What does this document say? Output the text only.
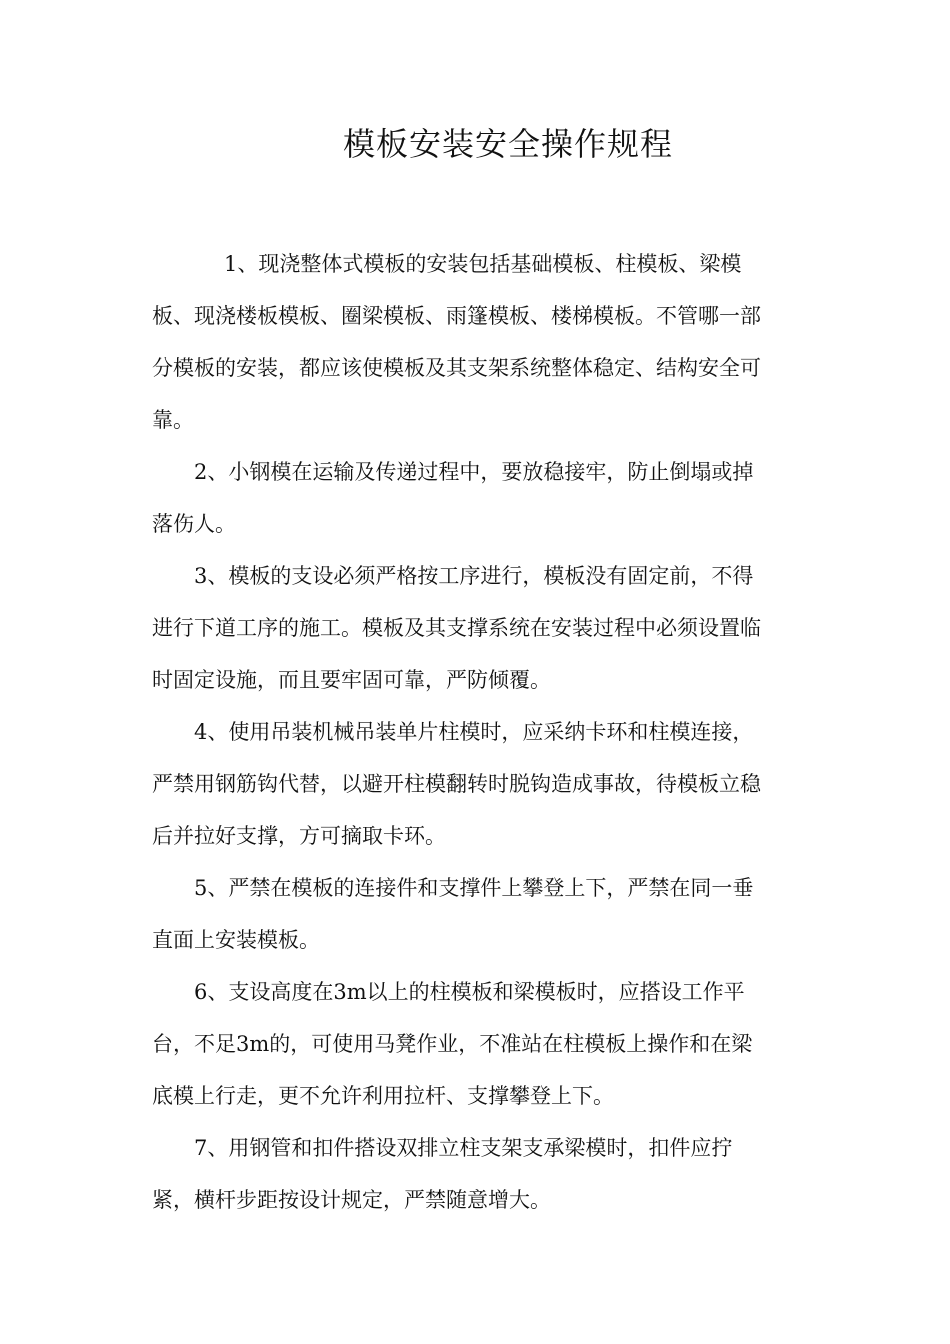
模板安装安全操作规程
1、现浇整体式模板的安装包括基础模板、柱模板、梁模
板、现浇楼板模板、圈梁模板、雨篷模板、楼梯模板。不管哪一部
分模板的安装，都应该使模板及其支架系统整体稳定、结构安全可
靠。
2、小钢模在运输及传递过程中，要放稳接牢，防止倒塌或掉
落伤人。
3、模板的支设必须严格按工序进行，模板没有固定前，不得
进行下道工序的施工。模板及其支撑系统在安装过程中必须设置临
时固定设施，而且要牢固可靠，严防倾覆。
4、使用吊装机械吊装单片柱模时，应采纳卡环和柱模连接，
严禁用钢筋钩代替，以避开柱模翻转时脱钩造成事故，待模板立稳
后并拉好支撑，方可摘取卡环。
5、严禁在模板的连接件和支撑件上攀登上下，严禁在同一垂
直面上安装模板。
6、支设高度在3m以上的柱模板和梁模板时，应搭设工作平
台，不足3m的，可使用马凳作业，不准站在柱模板上操作和在梁
底模上行走，更不允许利用拉杆、支撑攀登上下。
7、用钢管和扣件搭设双排立柱支架支承梁模时，扣件应拧
紧，横杆步距按设计规定，严禁随意增大。
